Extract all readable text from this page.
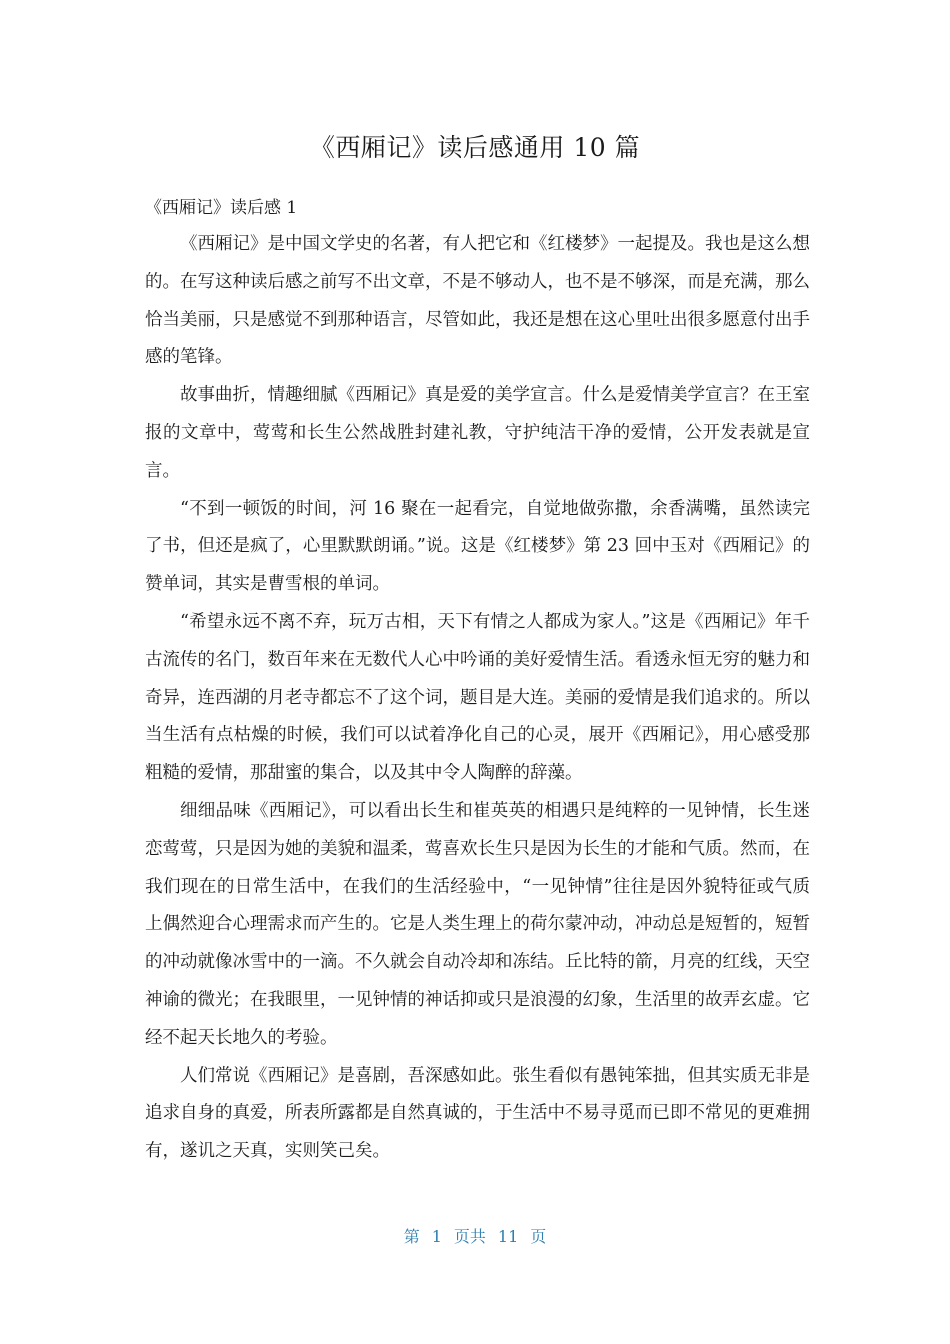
《西厢记》读后感通用 10 篇
《西厢记》读后感 1

《西厢记》是中国文学史的名著，有人把它和《红楼梦》一起提及。我也是这么想的。在写这种读后感之前写不出文章，不是不够动人，也不是不够深，而是充满，那么恰当美丽，只是感觉不到那种语言，尽管如此，我还是想在这心里吐出很多愿意付出手感的笔锋。

故事曲折，情趣细腻《西厢记》真是爱的美学宣言。什么是爱情美学宣言？在王室报的文章中，莺莺和长生公然战胜封建礼教，守护纯洁干净的爱情，公开发表就是宣言。

“不到一顿饭的时间，河 16 聚在一起看完，自觉地做弥撒，余香满嘴，虽然读完了书，但还是疯了，心里默默朗诵。”说。这是《红楼梦》第 23 回中玉对《西厢记》的赞单词，其实是曹雪根的单词。

“希望永远不离不弃，玩万古相，天下有情之人都成为家人。”这是《西厢记》年千古流传的名门，数百年来在无数代人心中吟诵的美好爱情生活。看透永恒无穷的魅力和奇异，连西湖的月老寺都忘不了这个词，题目是大连。美丽的爱情是我们追求的。所以当生活有点枯燥的时候，我们可以试着净化自己的心灵，展开《西厢记》，用心感受那粗糙的爱情，那甜蜜的集合，以及其中令人陶醉的辞藻。

细细品味《西厢记》，可以看出长生和崔英英的相遇只是纯粹的一见钟情，长生迷恋莺莺，只是因为她的美貌和温柔，莺喜欢长生只是因为长生的才能和气质。然而，在我们现在的日常生活中，在我们的生活经验中，“一见钟情”往往是因外貌特征或气质上偶然迎合心理需求而产生的。它是人类生理上的荷尔蒙冲动，冲动总是短暂的，短暂的冲动就像冰雪中的一滴。不久就会自动冷却和冻结。丘比特的箭，月亮的红线，天空神谕的微光；在我眼里，一见钟情的神话抑或只是浪漫的幻象，生活里的故弄玄虚。它经不起天长地久的考验。

人们常说《西厢记》是喜剧，吾深感如此。张生看似有愚钝笨拙，但其实质无非是追求自身的真爱，所表所露都是自然真诚的，于生活中不易寻觅而已即不常见的更难拥有，遂讥之天真，实则笑己矣。

第 1 页共 11 页
